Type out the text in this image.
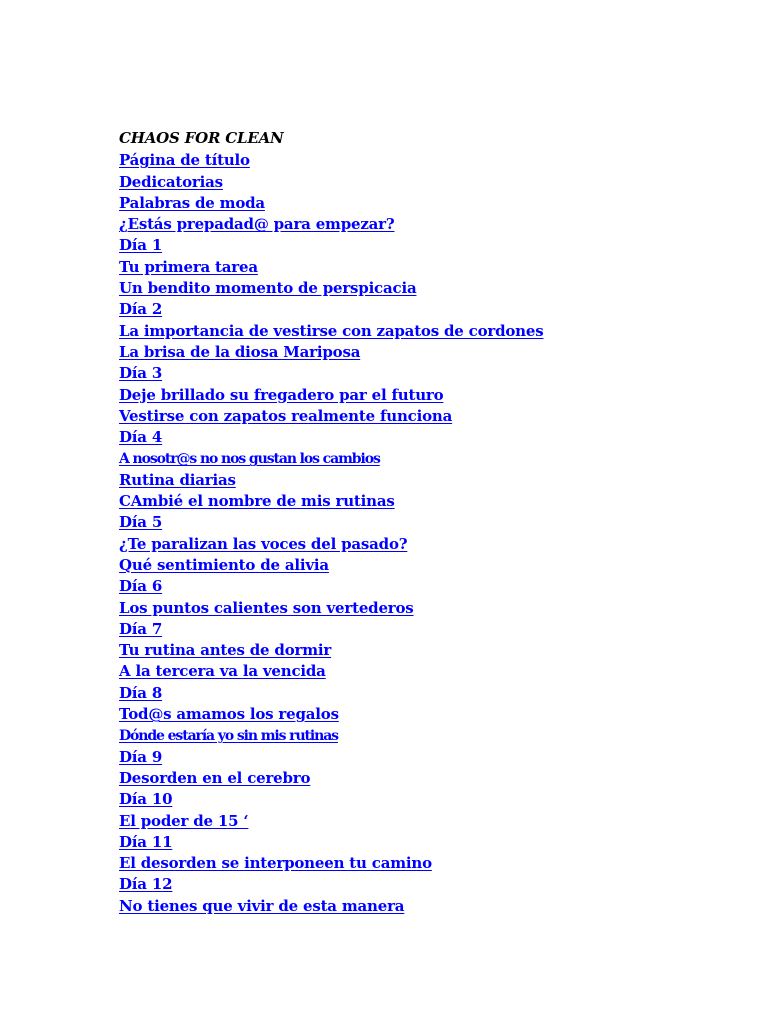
CHAOS FOR CLEAN
Página de título
Dedicatorias
Palabras de moda
¿Estás prepadad@ para empezar?
Día 1
Tu primera tarea
Un bendito momento de perspicacia
Día 2
La importancia de vestirse con zapatos de cordones
La brisa de la diosa Mariposa
Día 3
Deje brillado su fregadero par el futuro
Vestirse con zapatos realmente funciona
Día 4
A nosotr@s no nos gustan los cambios
Rutina diarias
CAmbié el nombre de mis rutinas
Día 5
¿Te paralizan las voces del pasado?
Qué sentimiento de alivia
Día 6
Los puntos calientes son vertederos
Día 7
Tu rutina antes de dormir
A la tercera va la vencida
Día 8
Tod@s amamos los regalos
Dónde estaría yo sin mis rutinas
Día 9
Desorden en el cerebro
Día 10
El poder de 15 ‘
Día 11
El desorden se interponeen tu camino
Día 12
No tienes que vivir de esta manera
